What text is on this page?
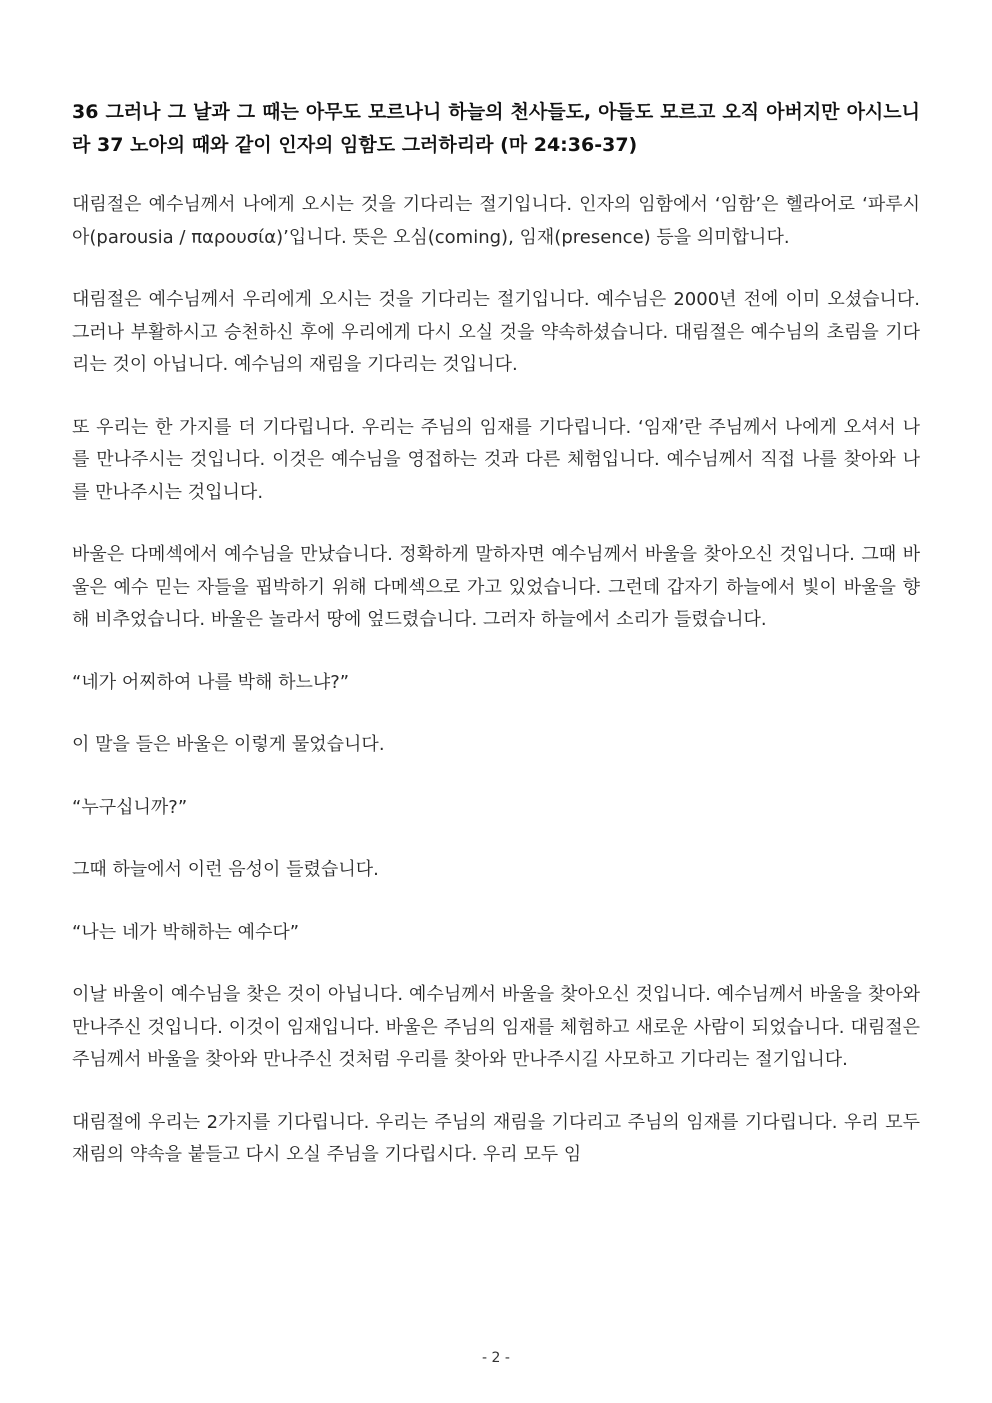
36 그러나 그 날과 그 때는 아무도 모르나니 하늘의 천사들도, 아들도 모르고 오직 아버지만 아시느니라 37 노아의 때와 같이 인자의 임함도 그러하리라 (마 24:36-37)

대림절은 예수님께서 나에게 오시는 것을 기다리는 절기입니다. 인자의 임함에서 ‘임함’은 헬라어로 ‘파루시아(parousia / παρουσία)’입니다. 뜻은 오심(coming), 임재(presence) 등을 의미합니다.

대림절은 예수님께서 우리에게 오시는 것을 기다리는 절기입니다. 예수님은 2000년 전에 이미 오셨습니다. 그러나 부활하시고 승천하신 후에 우리에게 다시 오실 것을 약속하셨습니다. 대림절은 예수님의 초림을 기다리는 것이 아닙니다. 예수님의 재림을 기다리는 것입니다.

또 우리는 한 가지를 더 기다립니다. 우리는 주님의 임재를 기다립니다. ‘임재’란 주님께서 나에게 오셔서 나를 만나주시는 것입니다. 이것은 예수님을 영접하는 것과 다른 체험입니다. 예수님께서 직접 나를 찾아와 나를 만나주시는 것입니다.

바울은 다메섹에서 예수님을 만났습니다. 정확하게 말하자면 예수님께서 바울을 찾아오신 것입니다. 그때 바울은 예수 믿는 자들을 핍박하기 위해 다메섹으로 가고 있었습니다. 그런데 갑자기 하늘에서 빛이 바울을 향해 비추었습니다. 바울은 놀라서 땅에 엎드렸습니다. 그러자 하늘에서 소리가 들렸습니다.

“네가 어찌하여 나를 박해 하느냐?”

이 말을 들은 바울은 이렇게 물었습니다.

“누구십니까?”

그때 하늘에서 이런 음성이 들렸습니다.

“나는 네가 박해하는 예수다”

이날 바울이 예수님을 찾은 것이 아닙니다. 예수님께서 바울을 찾아오신 것입니다. 예수님께서 바울을 찾아와 만나주신 것입니다. 이것이 임재입니다. 바울은 주님의 임재를 체험하고 새로운 사람이 되었습니다. 대림절은 주님께서 바울을 찾아와 만나주신 것처럼 우리를 찾아와 만나주시길 사모하고 기다리는 절기입니다.

대림절에 우리는 2가지를 기다립니다. 우리는 주님의 재림을 기다리고 주님의 임재를 기다립니다. 우리 모두 재림의 약속을 붙들고 다시 오실 주님을 기다립시다. 우리 모두 임

- 2 -
